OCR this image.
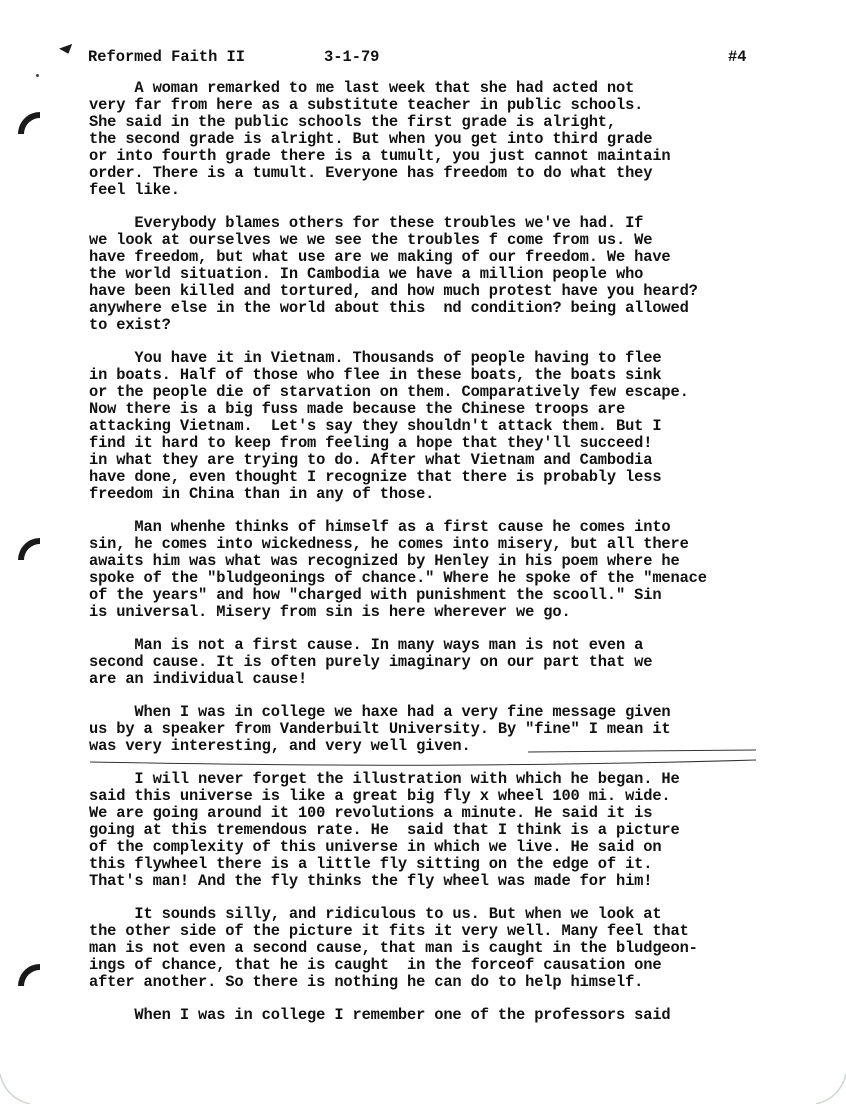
Reformed Faith II

	3-1-79

	#4

A woman remarked to me last week that she had acted not
very far from here as a substitute teacher in public schools.
She said in the public schools the first grade is alright,
the second grade is alright. But when you get into third grade
or into fourth grade there is a tumult, you just cannot maintain
order. There is a tumult. Everyone has freedom to do what they
feel like.
Everybody blames others for these troubles we've had. If
we look at ourselves we we see the troubles f come from us. We
have freedom, but what use are we making of our freedom. We have
the world situation. In Cambodia we have a million people who
have been killed and tortured, and how much protest have you heard?
anywhere else in the world about this  nd condition? being allowed
to exist?
You have it in Vietnam. Thousands of people having to flee
in boats. Half of those who flee in these boats, the boats sink
or the people die of starvation on them. Comparatively few escape.
Now there is a big fuss made because the Chinese troops are
attacking Vietnam.  Let's say they shouldn't attack them. But I
find it hard to keep from feeling a hope that they'll succeed!
in what they are trying to do. After what Vietnam and Cambodia
have done, even thought I recognize that there is probably less
freedom in China than in any of those.
Man whenhe thinks of himself as a first cause he comes into
sin, he comes into wickedness, he comes into misery, but all there
awaits him was what was recognized by Henley in his poem where he
spoke of the "bludgeonings of chance." Where he spoke of the "menace
of the years" and how "charged with punishment the scooll." Sin
is universal. Misery from sin is here wherever we go.
Man is not a first cause. In many ways man is not even a
second cause. It is often purely imaginary on our part that we
are an individual cause!
When I was in college we haxe had a very fine message given
us by a speaker from Vanderbuilt University. By "fine" I mean it
was very interesting, and very well given.
I will never forget the illustration with which he began. He
said this universe is like a great big fly x wheel 100 mi. wide.
We are going around it 100 revolutions a minute. He said it is
going at this tremendous rate. He  said that I think is a picture
of the complexity of this universe in which we live. He said on
this flywheel there is a little fly sitting on the edge of it.
That's man! And the fly thinks the fly wheel was made for him!
It sounds silly, and ridiculous to us. But when we look at
the other side of the picture it fits it very well. Many feel that
man is not even a second cause, that man is caught in the bludgeon-
ings of chance, that he is caught  in the forceof causation one
after another. So there is nothing he can do to help himself.
When I was in college I remember one of the professors said
